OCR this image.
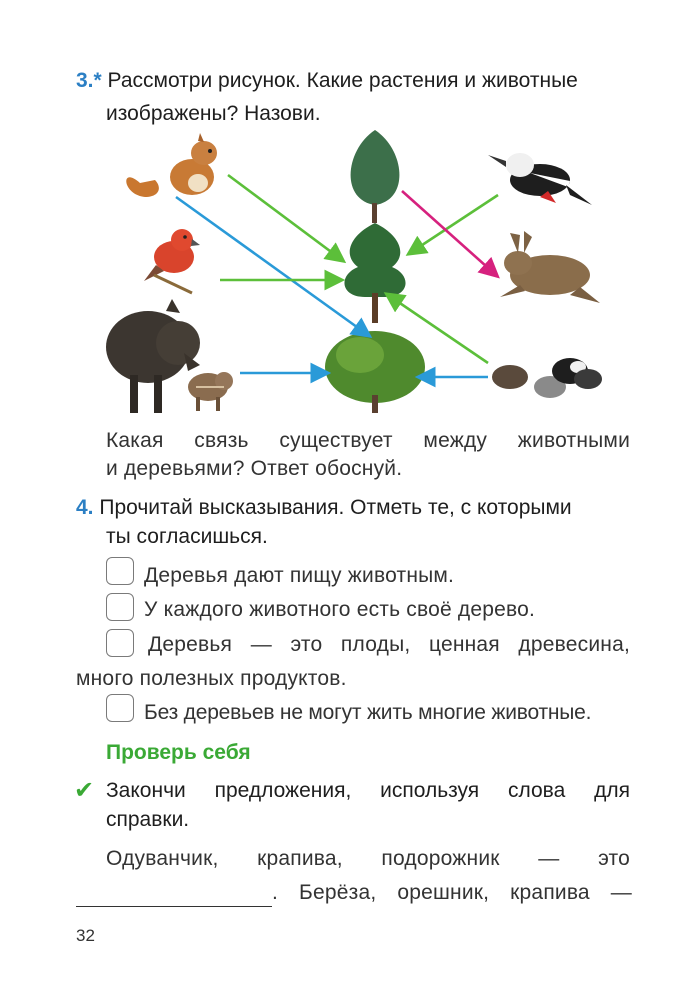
3.* Рассмотри рисунок. Какие растения и животные
изображены? Назови.
Какая связь существует между животными
и деревьями? Ответ обоснуй.
4. Прочитай высказывания. Отметь те, с которыми
ты согласишься.
Деревья дают пищу животным.
У каждого животного есть своё дерево.
Деревья — это плоды, ценная древесина,
много полезных продуктов.
Без деревьев не могут жить многие животные.
Проверь себя
✔ Закончи предложения, используя слова для
справки.
Одуванчик, крапива, подорожник — это
. Берёза, орешник, крапива —
32
